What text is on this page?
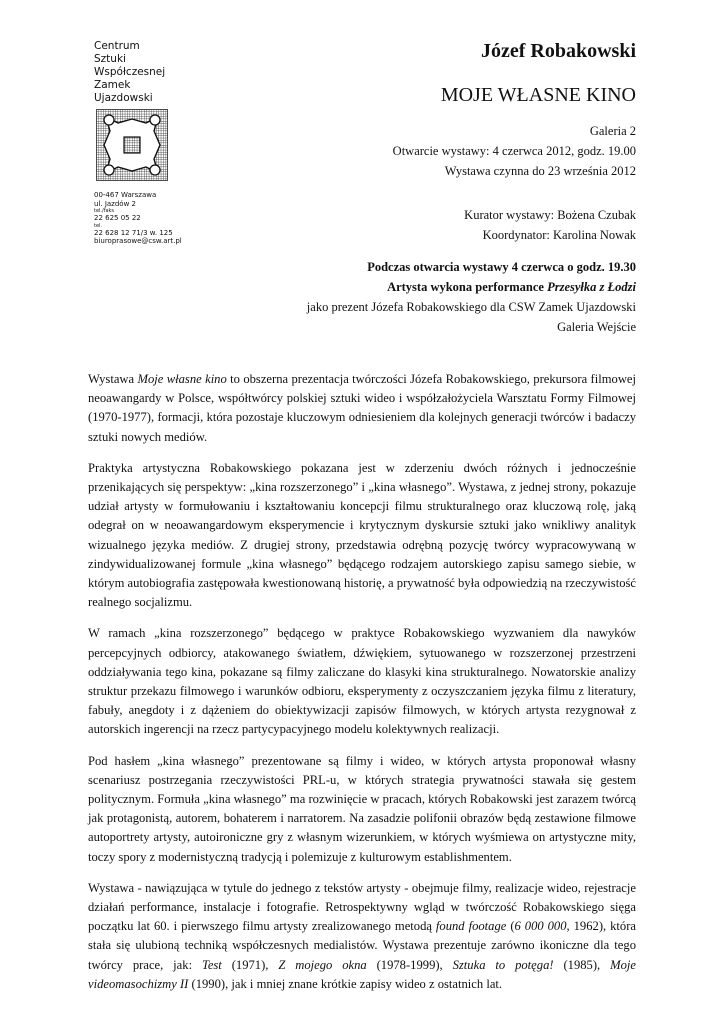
Centrum
Sztuki
Współczesnej
Zamek
Ujazdowski
00-467 Warszawa
ul. Jazdów 2
tel./faks
22 625 05 22
tel.
22 628 12 71/3 w. 125
biuroprasowe@csw.art.pl
Józef Robakowski
MOJE WŁASNE KINO
Galeria 2
Otwarcie wystawy: 4 czerwca 2012, godz. 19.00
Wystawa czynna do 23 września 2012
Kurator wystawy: Bożena Czubak
Koordynator: Karolina Nowak
Podczas otwarcia wystawy 4 czerwca o godz. 19.30
Artysta wykona performance Przesyłka z Łodzi
jako prezent Józefa Robakowskiego dla CSW Zamek Ujazdowski
Galeria Wejście

Wystawa Moje własne kino to obszerna prezentacja twórczości Józefa Robakowskiego, prekursora filmowej neoawangardy w Polsce, współtwórcy polskiej sztuki wideo i współzałożyciela Warsztatu Formy Filmowej (1970-1977), formacji, która pozostaje kluczowym odniesieniem dla kolejnych generacji twórców i badaczy sztuki nowych mediów.

Praktyka artystyczna Robakowskiego pokazana jest w zderzeniu dwóch różnych i jednocześnie przenikających się perspektyw: „kina rozszerzonego” i „kina własnego”. Wystawa, z jednej strony, pokazuje udział artysty w formułowaniu i kształtowaniu koncepcji filmu strukturalnego oraz kluczową rolę, jaką odegrał on w neoawangardowym eksperymencie i krytycznym dyskursie sztuki jako wnikliwy analityk wizualnego języka mediów. Z drugiej strony, przedstawia odrębną pozycję twórcy wypracowywaną w zindywidualizowanej formule „kina własnego” będącego rodzajem autorskiego zapisu samego siebie, w którym autobiografia zastępowała kwestionowaną historię, a prywatność była odpowiedzią na rzeczywistość realnego socjalizmu.

W ramach „kina rozszerzonego” będącego w praktyce Robakowskiego wyzwaniem dla nawyków percepcyjnych odbiorcy, atakowanego światłem, dźwiękiem, sytuowanego w rozszerzonej przestrzeni oddziaływania tego kina, pokazane są filmy zaliczane do klasyki kina strukturalnego. Nowatorskie analizy struktur przekazu filmowego i warunków odbioru, eksperymenty z oczyszczaniem języka filmu z literatury, fabuły, anegdoty i z dążeniem do obiektywizacji zapisów filmowych, w których artysta rezygnował z autorskich ingerencji na rzecz partycypacyjnego modelu kolektywnych realizacji.

Pod hasłem „kina własnego” prezentowane są filmy i wideo, w których artysta proponował własny scenariusz postrzegania rzeczywistości PRL-u, w których strategia prywatności stawała się gestem politycznym. Formuła „kina własnego” ma rozwinięcie w pracach, których Robakowski jest zarazem twórcą jak protagonistą, autorem, bohaterem i narratorem. Na zasadzie polifonii obrazów będą zestawione filmowe autoportrety artysty, autoironiczne gry z własnym wizerunkiem, w których wyśmiewa on artystyczne mity, toczy spory z modernistyczną tradycją i polemizuje z kulturowym establishmentem.

Wystawa - nawiązująca w tytule do jednego z tekstów artysty - obejmuje filmy, realizacje wideo, rejestracje działań performance, instalacje i fotografie. Retrospektywny wgląd w twórczość Robakowskiego sięga początku lat 60. i pierwszego filmu artysty zrealizowanego metodą found footage (6 000 000, 1962), która stała się ulubioną techniką współczesnych medialistów. Wystawa prezentuje zarówno ikoniczne dla tego twórcy prace, jak: Test (1971), Z mojego okna (1978-1999), Sztuka to potęga! (1985), Moje videomasochizmy II (1990), jak i mniej znane krótkie zapisy wideo z ostatnich lat.
